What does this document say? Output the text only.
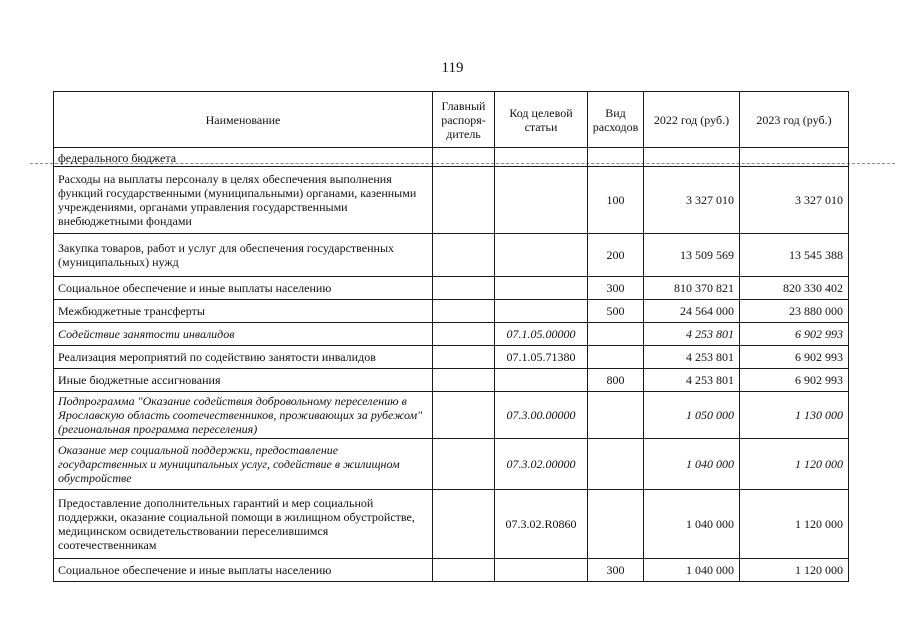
119
Наименование	Главный распоря-дитель	Код целевой статьи	Вид расходов	2022 год (руб.)	2023 год (руб.)
федерального бюджета					
Расходы на выплаты персоналу в целях обеспечения выполнения функций государственными (муниципальными) органами, казенными учреждениями, органами управления государственными внебюджетными фондами			100	3 327 010	3 327 010
Закупка товаров, работ и услуг для обеспечения государственных (муниципальных) нужд			200	13 509 569	13 545 388
Социальное обеспечение и иные выплаты населению			300	810 370 821	820 330 402
Межбюджетные трансферты			500	24 564 000	23 880 000
Содействие занятости инвалидов		07.1.05.00000		4 253 801	6 902 993
Реализация мероприятий по содействию занятости инвалидов		07.1.05.71380		4 253 801	6 902 993
Иные бюджетные ассигнования			800	4 253 801	6 902 993
Подпрограмма "Оказание содействия добровольному переселению в Ярославскую область соотечественников, проживающих за рубежом" (региональная программа переселения)		07.3.00.00000		1 050 000	1 130 000
Оказание мер социальной поддержки, предоставление государственных и муниципальных услуг, содействие в жилищном обустройстве		07.3.02.00000		1 040 000	1 120 000
Предоставление дополнительных гарантий и мер социальной поддержки, оказание социальной помощи в жилищном обустройстве, медицинском освидетельствовании переселившимся соотечественникам		07.3.02.R0860		1 040 000	1 120 000
Социальное обеспечение и иные выплаты населению			300	1 040 000	1 120 000
